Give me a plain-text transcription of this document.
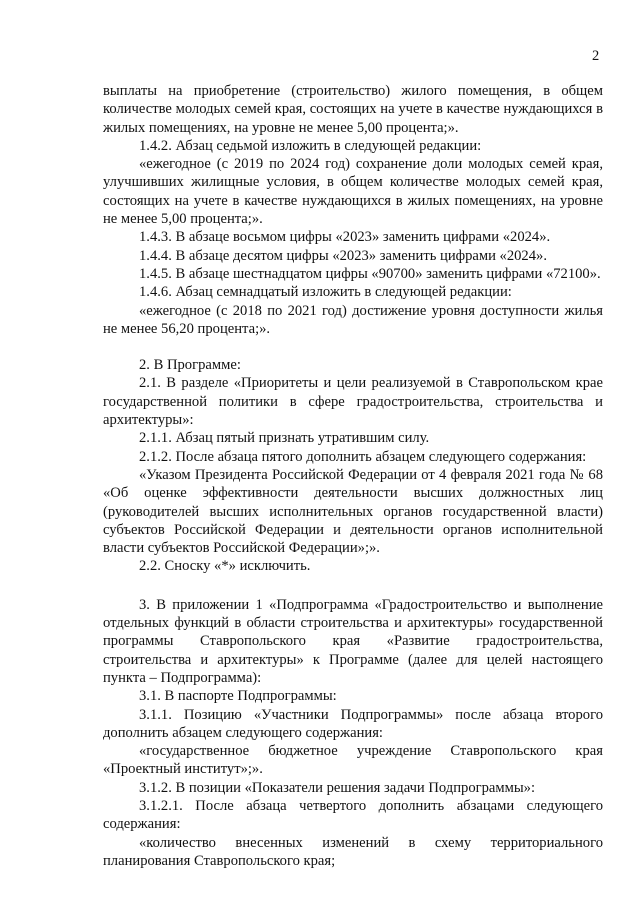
2

выплаты на приобретение (строительство) жилого помещения, в общем количестве молодых семей края, состоящих на учете в качестве нуждающихся в жилых помещениях, на уровне не менее 5,00 процента;».

1.4.2. Абзац седьмой изложить в следующей редакции:

«ежегодное (с 2019 по 2024 год) сохранение доли молодых семей края, улучшивших жилищные условия, в общем количестве молодых семей края, состоящих на учете в качестве нуждающихся в жилых помещениях, на уровне не менее 5,00 процента;».

1.4.3. В абзаце восьмом цифры «2023» заменить цифрами «2024».

1.4.4. В абзаце десятом цифры «2023» заменить цифрами «2024».

1.4.5. В абзаце шестнадцатом цифры «90700» заменить цифрами «72100».

1.4.6. Абзац семнадцатый изложить в следующей редакции:

«ежегодное (с 2018 по 2021 год) достижение уровня доступности жилья не менее 56,20 процента;».

2. В Программе:

2.1. В разделе «Приоритеты и цели реализуемой в Ставропольском крае государственной политики в сфере градостроительства, строительства и архитектуры»:

2.1.1. Абзац пятый признать утратившим силу.

2.1.2. После абзаца пятого дополнить абзацем следующего содержания:

«Указом Президента Российской Федерации от 4 февраля 2021 года № 68 «Об оценке эффективности деятельности высших должностных лиц (руководителей высших исполнительных органов государственной власти) субъектов Российской Федерации и деятельности органов исполнительной власти субъектов Российской Федерации»;».

2.2. Сноску «*» исключить.

3. В приложении 1 «Подпрограмма «Градостроительство и выполнение отдельных функций в области строительства и архитектуры» государственной программы Ставропольского края «Развитие градостроительства, строительства и архитектуры» к Программе (далее для целей настоящего пункта – Подпрограмма):

3.1. В паспорте Подпрограммы:

3.1.1. Позицию «Участники Подпрограммы» после абзаца второго дополнить абзацем следующего содержания:

«государственное бюджетное учреждение Ставропольского края «Проектный институт»;».

3.1.2. В позиции «Показатели решения задачи Подпрограммы»:

3.1.2.1. После абзаца четвертого дополнить абзацами следующего содержания:

«количество внесенных изменений в схему территориального планирования Ставропольского края;
